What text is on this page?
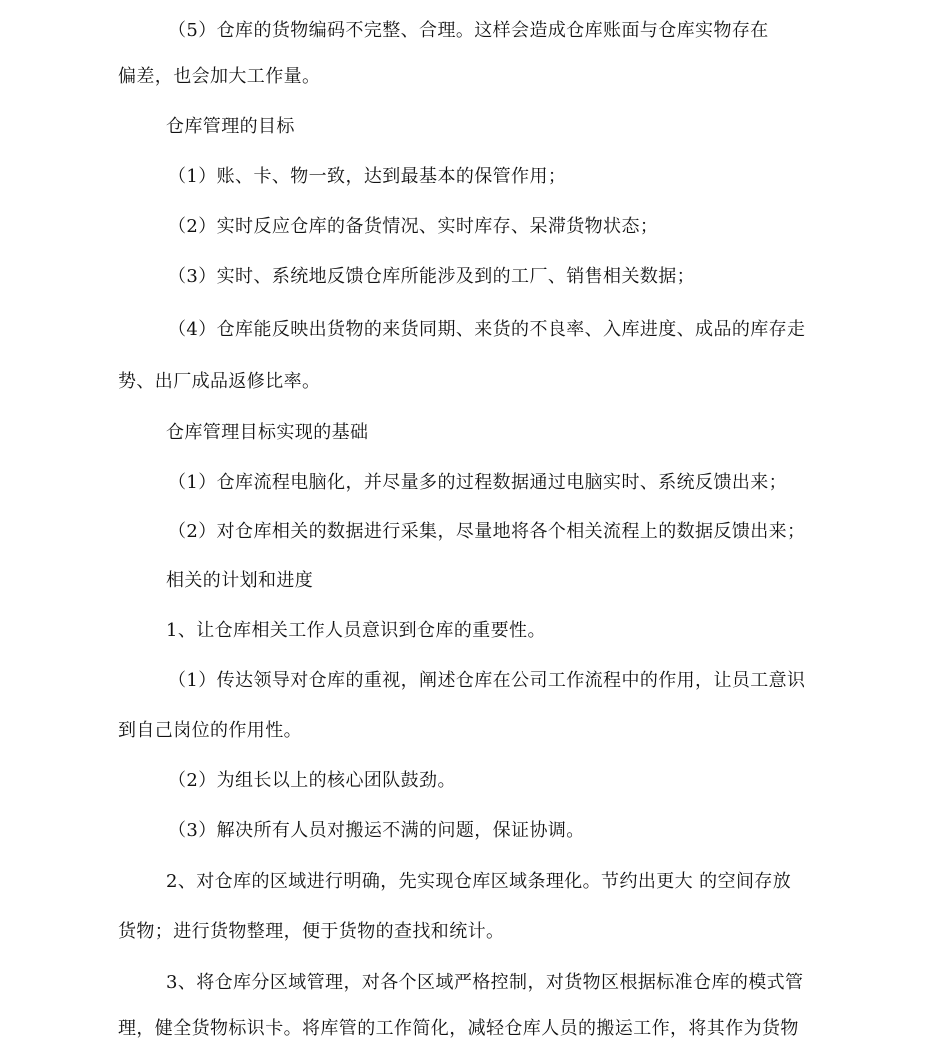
（5）仓库的货物编码不完整、合理。这样会造成仓库账面与仓库实物存在
偏差，也会加大工作量。
仓库管理的目标
（1）账、卡、物一致，达到最基本的保管作用；
（2）实时反应仓库的备货情况、实时库存、呆滞货物状态；
（3）实时、系统地反馈仓库所能涉及到的工厂、销售相关数据；
（4）仓库能反映出货物的来货同期、来货的不良率、入库进度、成品的库存走
势、出厂成品返修比率。
仓库管理目标实现的基础
（1）仓库流程电脑化，并尽量多的过程数据通过电脑实时、系统反馈出来；
（2）对仓库相关的数据进行采集，尽量地将各个相关流程上的数据反馈出来；
相关的计划和进度
1、让仓库相关工作人员意识到仓库的重要性。
（1）传达领导对仓库的重视，阐述仓库在公司工作流程中的作用，让员工意识
到自己岗位的作用性。
（2）为组长以上的核心团队鼓劲。
（3）解决所有人员对搬运不满的问题，保证协调。
2、对仓库的区域进行明确，先实现仓库区域条理化。节约出更大 的空间存放
货物；进行货物整理，便于货物的查找和统计。
3、将仓库分区域管理，对各个区域严格控制，对货物区根据标准仓库的模式管
理，健全货物标识卡。将库管的工作简化，减轻仓库人员的搬运工作，将其作为货物
